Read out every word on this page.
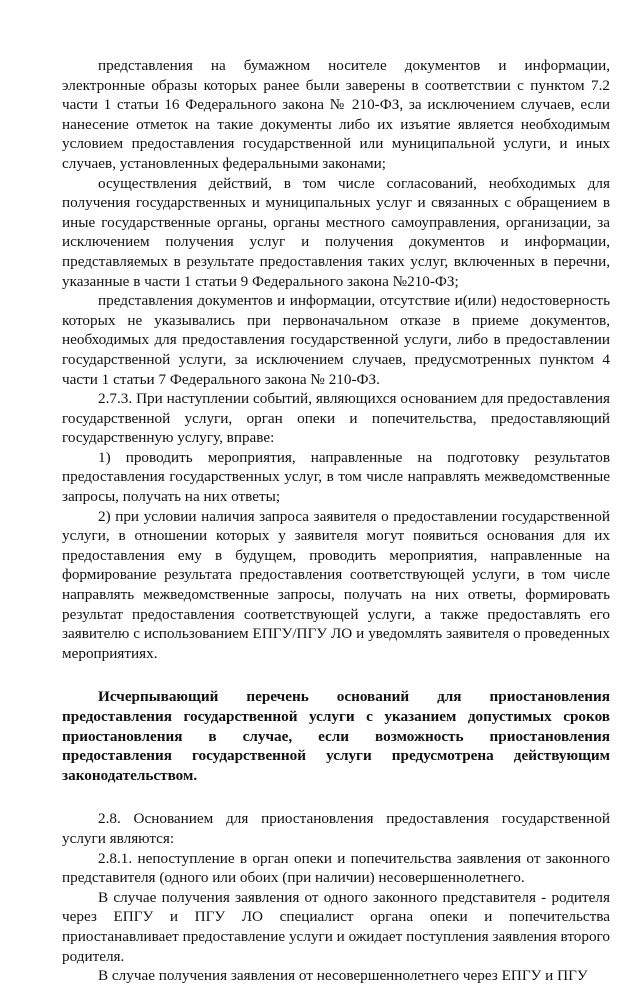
представления на бумажном носителе документов и информации, электронные образы которых ранее были заверены в соответствии с пунктом 7.2 части 1 статьи 16 Федерального закона № 210-ФЗ, за исключением случаев, если нанесение отметок на такие документы либо их изъятие является необходимым условием предоставления государственной или муниципальной услуги, и иных случаев, установленных федеральными законами;

осуществления действий, в том числе согласований, необходимых для получения государственных и муниципальных услуг и связанных с обращением в иные государственные органы, органы местного самоуправления, организации, за исключением получения услуг и получения документов и информации, представляемых в результате предоставления таких услуг, включенных в перечни, указанные в части 1 статьи 9 Федерального закона №210-ФЗ;

представления документов и информации, отсутствие и(или) недостоверность которых не указывались при первоначальном отказе в приеме документов, необходимых для предоставления государственной услуги, либо в предоставлении государственной услуги, за исключением случаев, предусмотренных пунктом 4 части 1 статьи 7 Федерального закона № 210-ФЗ.

2.7.3. При наступлении событий, являющихся основанием для предоставления государственной услуги, орган опеки и попечительства, предоставляющий государственную услугу, вправе:

1) проводить мероприятия, направленные на подготовку результатов предоставления государственных услуг, в том числе направлять межведомственные запросы, получать на них ответы;

2) при условии наличия запроса заявителя о предоставлении государственной услуги, в отношении которых у заявителя могут появиться основания для их предоставления ему в будущем, проводить мероприятия, направленные на формирование результата предоставления соответствующей услуги, в том числе направлять межведомственные запросы, получать на них ответы, формировать результат предоставления соответствующей услуги, а также предоставлять его заявителю с использованием ЕПГУ/ПГУ ЛО и уведомлять заявителя о проведенных мероприятиях.

Исчерпывающий перечень оснований для приостановления предоставления государственной услуги с указанием допустимых сроков приостановления в случае, если возможность приостановления предоставления государственной услуги предусмотрена действующим законодательством.

2.8. Основанием для приостановления предоставления государственной услуги являются:

2.8.1. непоступление в орган опеки и попечительства заявления от законного представителя (одного или обоих (при наличии) несовершеннолетнего.

В случае получения заявления от одного законного представителя - родителя через ЕПГУ и ПГУ ЛО специалист органа опеки и попечительства приостанавливает предоставление услуги и ожидает поступления заявления второго родителя.

В случае получения заявления от несовершеннолетнего через ЕПГУ и ПГУ
